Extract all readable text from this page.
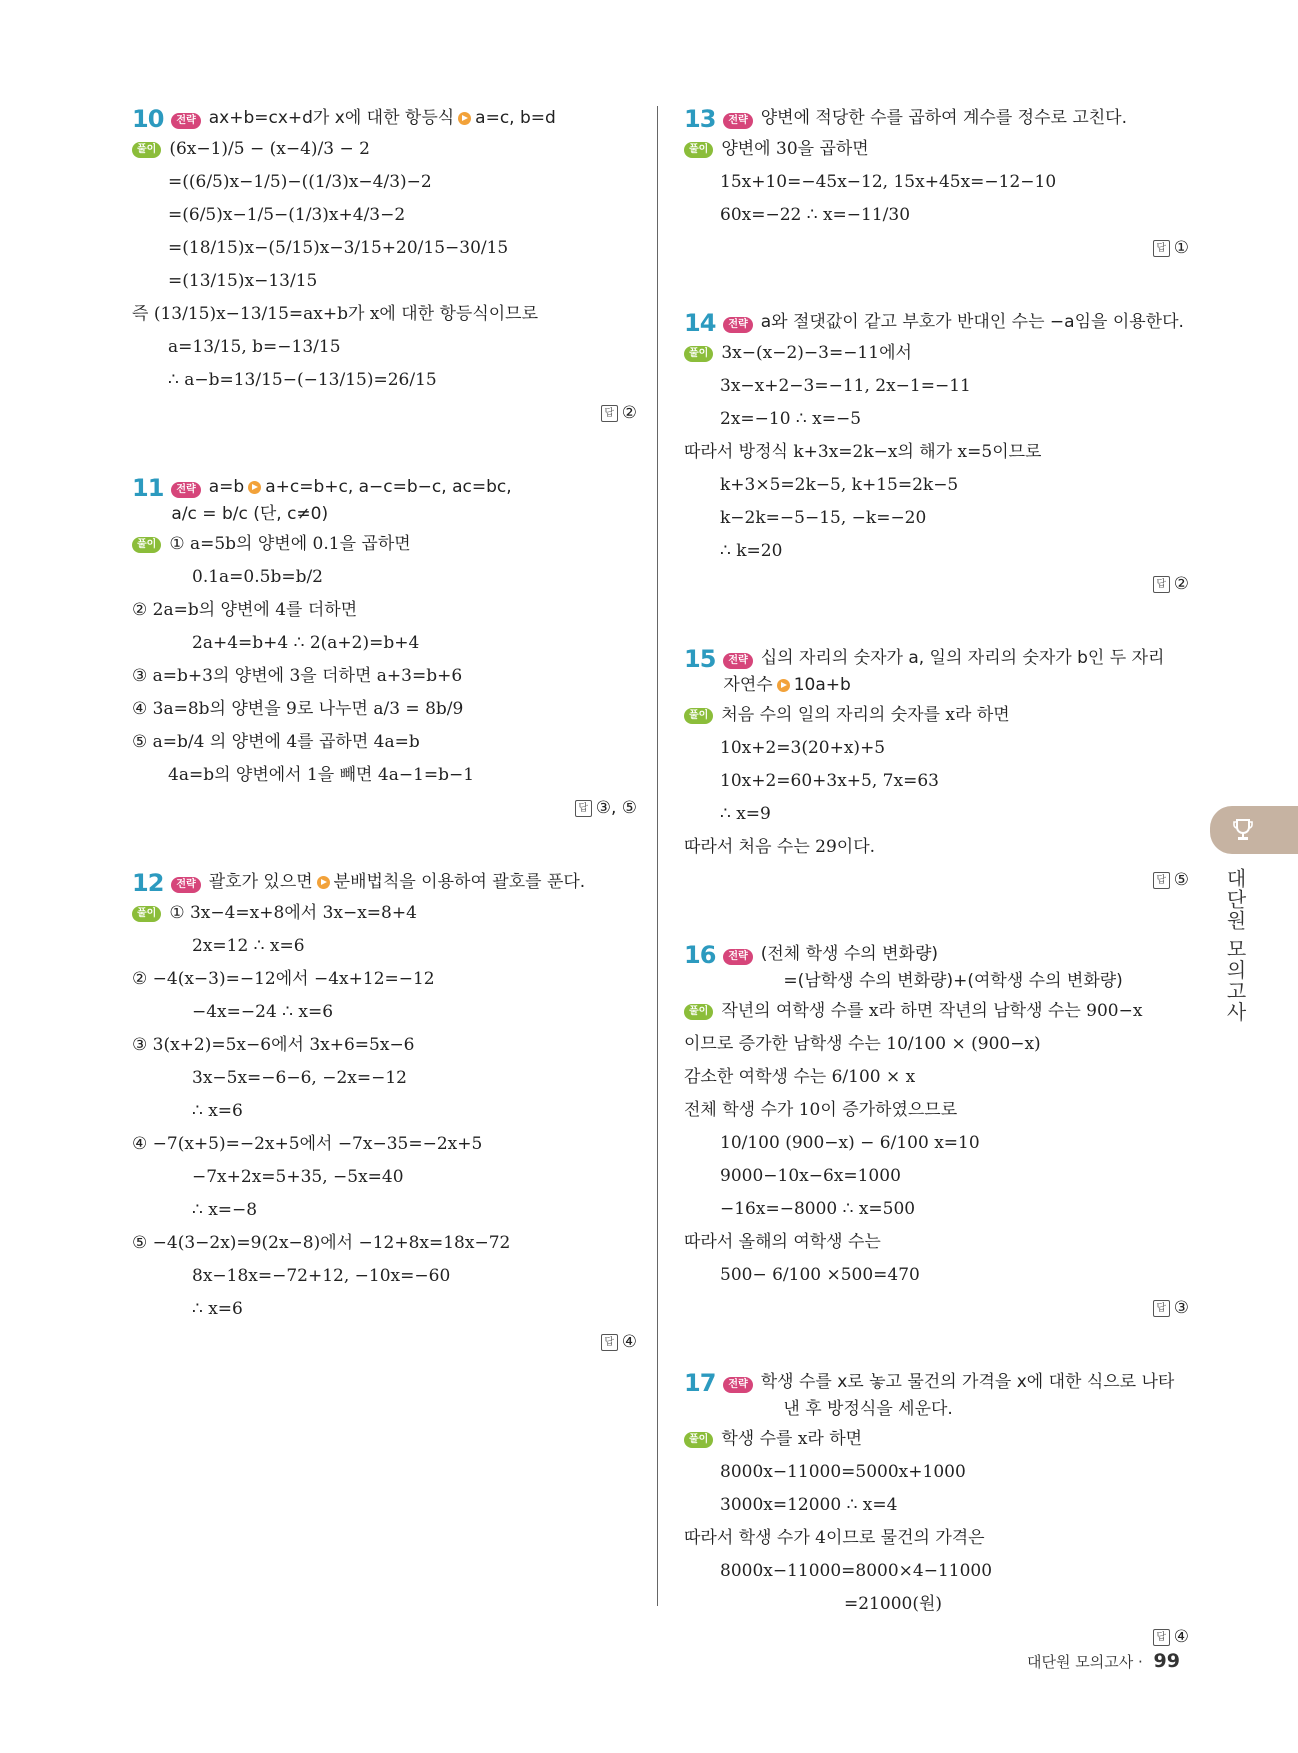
10	전략 ax+b=cx+d가 x에 대한 항등식 a=c, b=d
풀이 (6x−1)/5 − (x−4)/3 − 2
=((6/5)x−1/5)−((1/3)x−4/3)−2
=(6/5)x−1/5−(1/3)x+4/3−2
=(18/15)x−(5/15)x−3/15+20/15−30/15
=(13/15)x−13/15
즉 (13/15)x−13/15=ax+b가 x에 대한 항등식이므로
a=13/15, b=−13/15
∴ a−b=13/15−(−13/15)=26/15
답 ②
11	전략 a=b a+c=b+c, a−c=b−c, ac=bc,
a/c = b/c (단, c≠0)
풀이 ① a=5b의 양변에 0.1을 곱하면
0.1a=0.5b=b/2
② 2a=b의 양변에 4를 더하면
2a+4=b+4 ∴ 2(a+2)=b+4
③ a=b+3의 양변에 3을 더하면 a+3=b+6
④ 3a=8b의 양변을 9로 나누면 a/3 = 8b/9
⑤ a=b/4 의 양변에 4를 곱하면 4a=b
4a=b의 양변에서 1을 빼면 4a−1=b−1
답 ③, ⑤
12	전략 괄호가 있으면 분배법칙을 이용하여 괄호를 푼다.
풀이 ① 3x−4=x+8에서 3x−x=8+4
2x=12 ∴ x=6
② −4(x−3)=−12에서 −4x+12=−12
−4x=−24 ∴ x=6
③ 3(x+2)=5x−6에서 3x+6=5x−6
3x−5x=−6−6, −2x=−12
∴ x=6
④ −7(x+5)=−2x+5에서 −7x−35=−2x+5
−7x+2x=5+35, −5x=40
∴ x=−8
⑤ −4(3−2x)=9(2x−8)에서 −12+8x=18x−72
8x−18x=−72+12, −10x=−60
∴ x=6
답 ④
13	전략 양변에 적당한 수를 곱하여 계수를 정수로 고친다.
풀이 양변에 30을 곱하면
15x+10=−45x−12, 15x+45x=−12−10
60x=−22 ∴ x=−11/30
답 ①
14	전략 a와 절댓값이 같고 부호가 반대인 수는 −a임을 이용한다.
풀이 3x−(x−2)−3=−11에서
3x−x+2−3=−11, 2x−1=−11
2x=−10 ∴ x=−5
따라서 방정식 k+3x=2k−x의 해가 x=5이므로
k+3×5=2k−5, k+15=2k−5
k−2k=−5−15, −k=−20
∴ k=20
답 ②
15	전략 십의 자리의 숫자가 a, 일의 자리의 숫자가 b인 두 자리
자연수 10a+b
풀이 처음 수의 일의 자리의 숫자를 x라 하면
10x+2=3(20+x)+5
10x+2=60+3x+5, 7x=63
∴ x=9
따라서 처음 수는 29이다.
답 ⑤
16	전략 (전체 학생 수의 변화량)
=(남학생 수의 변화량)+(여학생 수의 변화량)
풀이 작년의 여학생 수를 x라 하면 작년의 남학생 수는 900−x
이므로 증가한 남학생 수는 10/100 × (900−x)
감소한 여학생 수는 6/100 × x
전체 학생 수가 10이 증가하였으므로
10/100 (900−x) − 6/100 x=10
9000−10x−6x=1000
−16x=−8000 ∴ x=500
따라서 올해의 여학생 수는
500− 6/100 ×500=470
답 ③
17	전략 학생 수를 x로 놓고 물건의 가격을 x에 대한 식으로 나타
낸 후 방정식을 세운다.
풀이 학생 수를 x라 하면
8000x−11000=5000x+1000
3000x=12000 ∴ x=4
따라서 학생 수가 4이므로 물건의 가격은
8000x−11000=8000×4−11000
=21000(원)
답 ④
대단원 모의고사
대단원 모의고사 · 99
